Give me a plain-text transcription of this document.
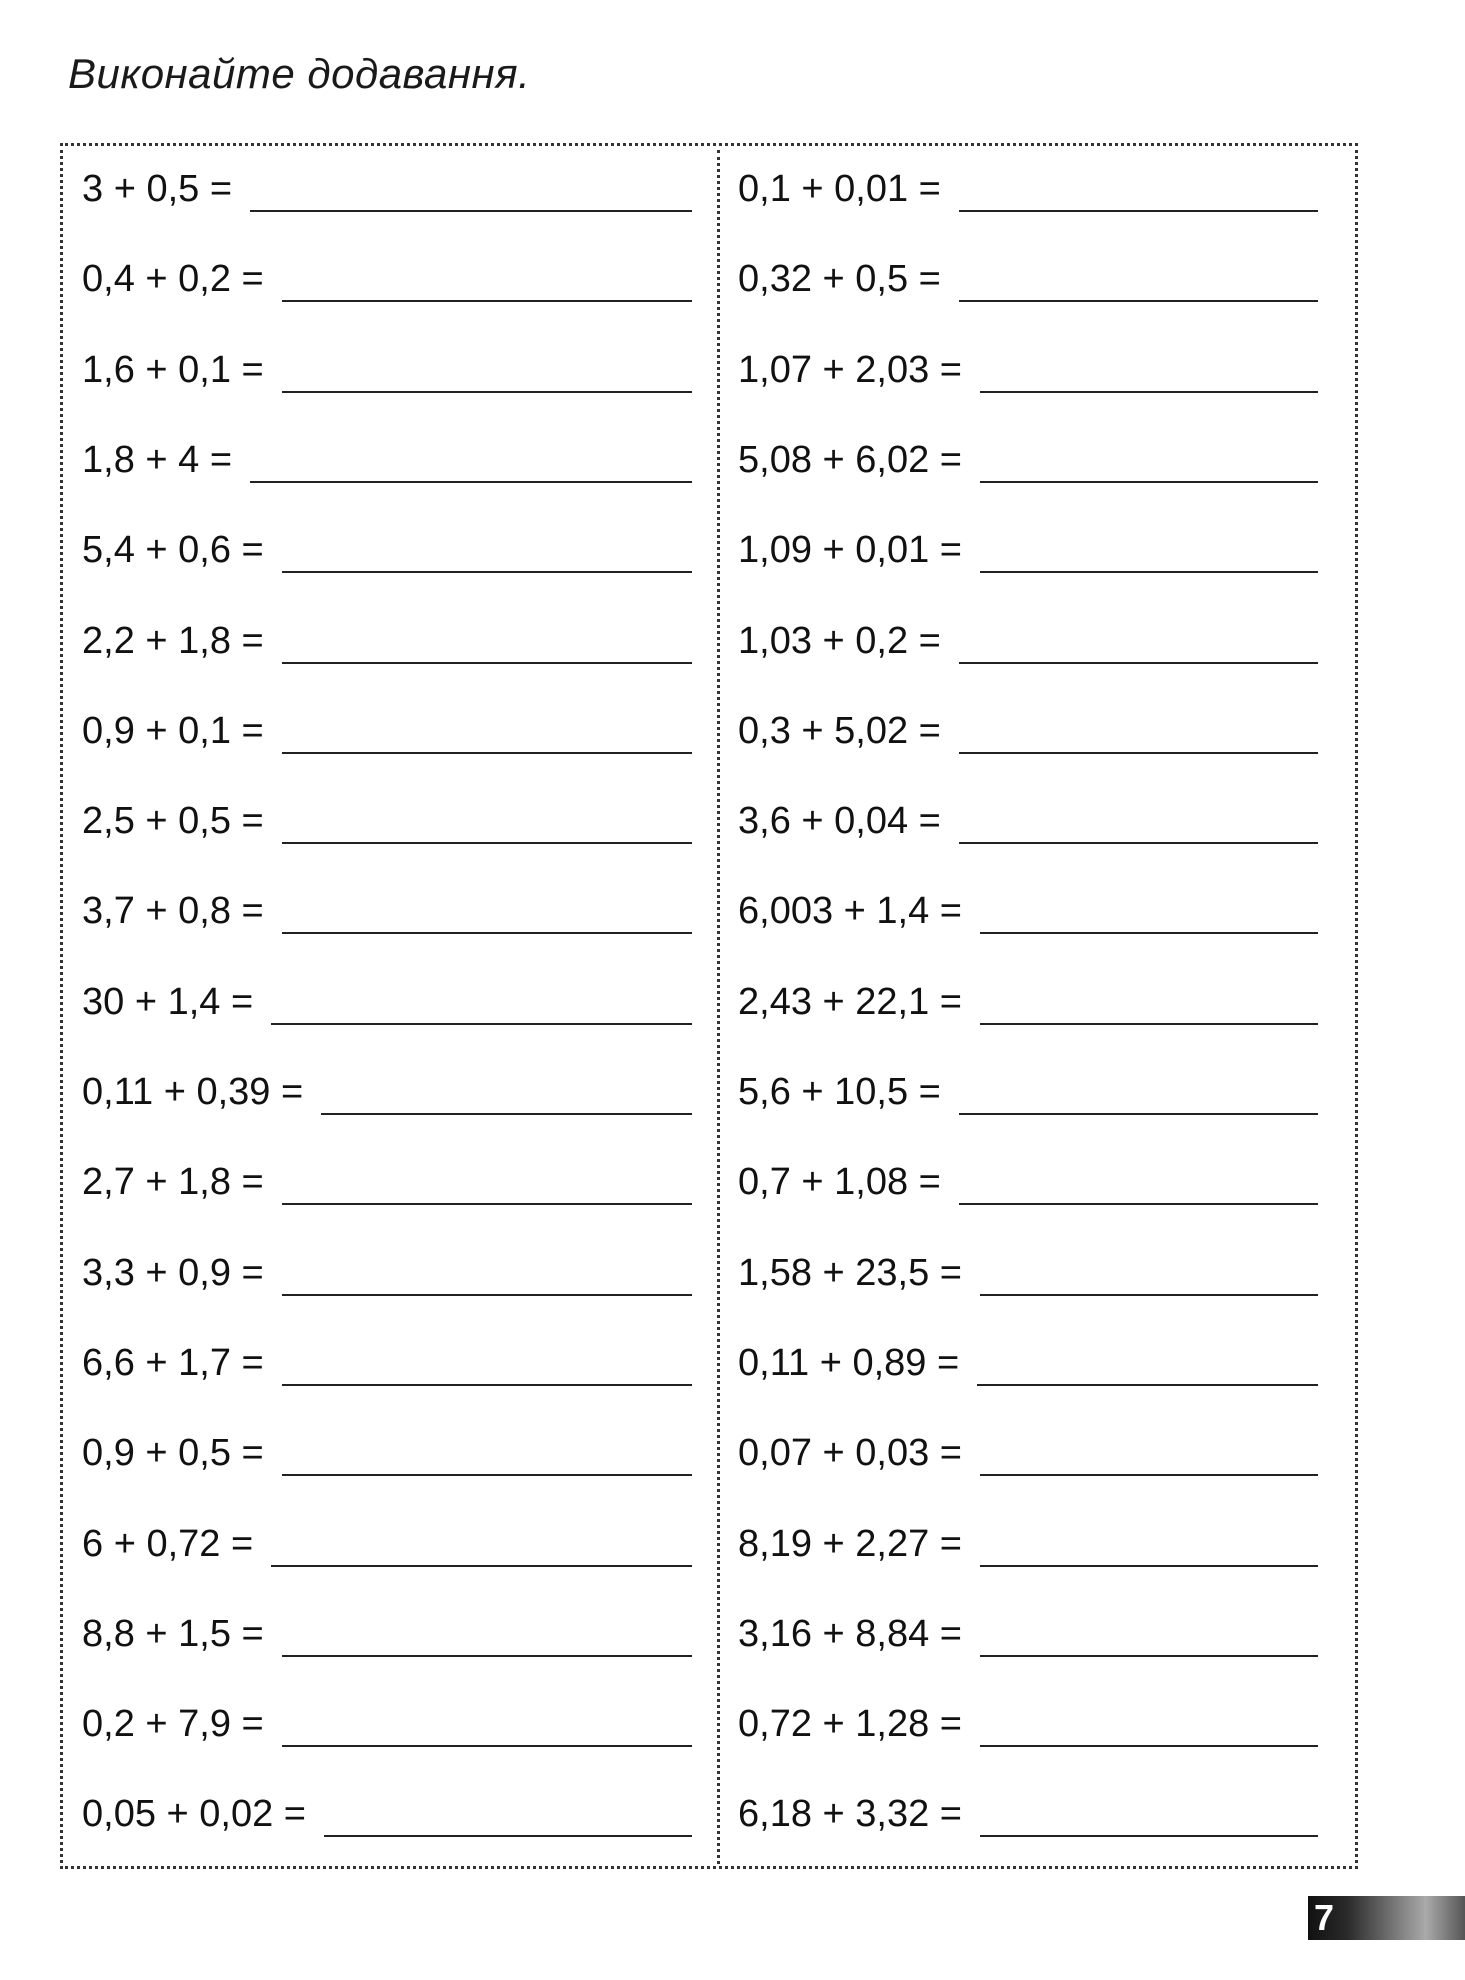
Виконайте додавання.
3 + 0,5 =
0,4 + 0,2 =
1,6 + 0,1 =
1,8 + 4 =
5,4 + 0,6 =
2,2 + 1,8 =
0,9 + 0,1 =
2,5 + 0,5 =
3,7 + 0,8 =
30 + 1,4 =
0,11 + 0,39 =
2,7 + 1,8 =
3,3 + 0,9 =
6,6 + 1,7 =
0,9 + 0,5 =
6 + 0,72 =
8,8 + 1,5 =
0,2 + 7,9 =
0,05 + 0,02 =
0,1 + 0,01 =
0,32 + 0,5 =
1,07 + 2,03 =
5,08 + 6,02 =
1,09 + 0,01 =
1,03 + 0,2 =
0,3 + 5,02 =
3,6 + 0,04 =
6,003 + 1,4 =
2,43 + 22,1 =
5,6 + 10,5 =
0,7 + 1,08 =
1,58 + 23,5 =
0,11 + 0,89 =
0,07 + 0,03 =
8,19 + 2,27 =
3,16 + 8,84 =
0,72 + 1,28 =
6,18 + 3,32 =
7
